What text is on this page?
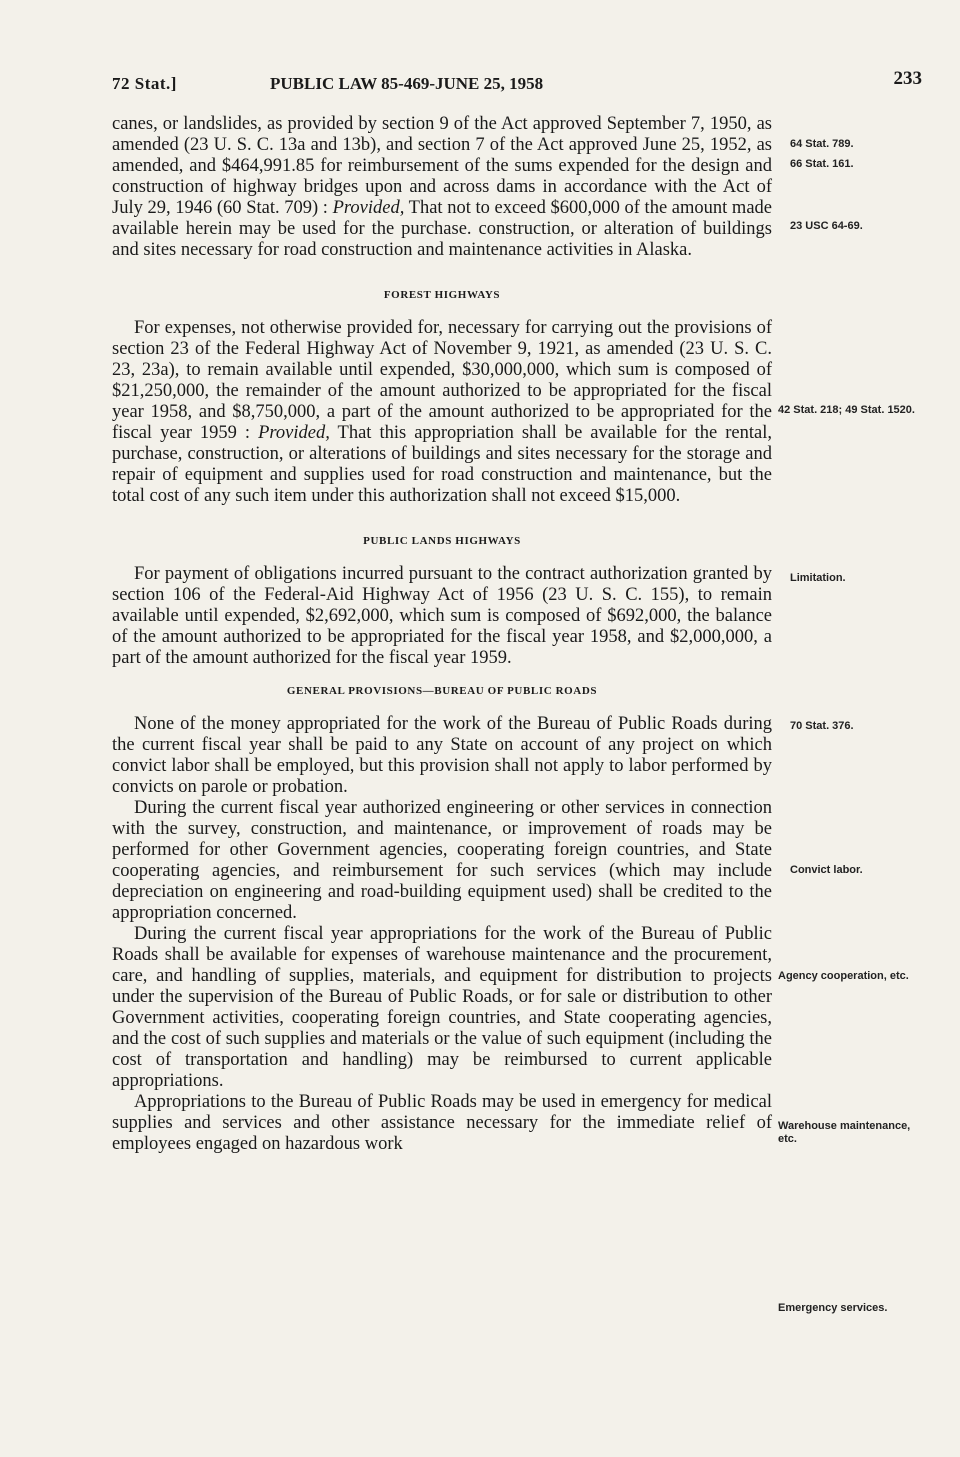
72 Stat.]	PUBLIC LAW 85-469-JUNE 25, 1958	233

canes, or landslides, as provided by section 9 of the Act approved September 7, 1950, as amended (23 U. S. C. 13a and 13b), and section 7 of the Act approved June 25, 1952, as amended, and $464,991.85 for reimbursement of the sums expended for the design and construction of highway bridges upon and across dams in accordance with the Act of July 29, 1946 (60 Stat. 709) : Provided, That not to exceed $600,000 of the amount made available herein may be used for the purchase. construction, or alteration of buildings and sites necessary for road construction and maintenance activities in Alaska.

FOREST HIGHWAYS

For expenses, not otherwise provided for, necessary for carrying out the provisions of section 23 of the Federal Highway Act of November 9, 1921, as amended (23 U. S. C. 23, 23a), to remain available until expended, $30,000,000, which sum is composed of $21,250,000, the remainder of the amount authorized to be appropriated for the fiscal year 1958, and $8,750,000, a part of the amount authorized to be appropriated for the fiscal year 1959 : Provided, That this appropriation shall be available for the rental, purchase, construction, or alterations of buildings and sites necessary for the storage and repair of equipment and supplies used for road construction and maintenance, but the total cost of any such item under this authorization shall not exceed $15,000.

PUBLIC LANDS HIGHWAYS

For payment of obligations incurred pursuant to the contract authorization granted by section 106 of the Federal-Aid Highway Act of 1956 (23 U. S. C. 155), to remain available until expended, $2,692,000, which sum is composed of $692,000, the balance of the amount authorized to be appropriated for the fiscal year 1958, and $2,000,000, a part of the amount authorized for the fiscal year 1959.

GENERAL PROVISIONS—BUREAU OF PUBLIC ROADS

None of the money appropriated for the work of the Bureau of Public Roads during the current fiscal year shall be paid to any State on account of any project on which convict labor shall be employed, but this provision shall not apply to labor performed by convicts on parole or probation.

During the current fiscal year authorized engineering or other services in connection with the survey, construction, and maintenance, or improvement of roads may be performed for other Government agencies, cooperating foreign countries, and State cooperating agencies, and reimbursement for such services (which may include depreciation on engineering and road-building equipment used) shall be credited to the appropriation concerned.

During the current fiscal year appropriations for the work of the Bureau of Public Roads shall be available for expenses of warehouse maintenance and the procurement, care, and handling of supplies, materials, and equipment for distribution to projects under the supervision of the Bureau of Public Roads, or for sale or distribution to other Government activities, cooperating foreign countries, and State cooperating agencies, and the cost of such supplies and materials or the value of such equipment (including the cost of transportation and handling) may be reimbursed to current applicable appropriations.

Appropriations to the Bureau of Public Roads may be used in emergency for medical supplies and services and other assistance necessary for the immediate relief of employees engaged on hazardous work

64 Stat. 789.
66 Stat. 161.
23 USC 64-69.
42 Stat. 218; 49 Stat. 1520.
Limitation.
70 Stat. 376.
Convict labor.
Agency cooperation, etc.
Warehouse maintenance, etc.
Emergency services.
